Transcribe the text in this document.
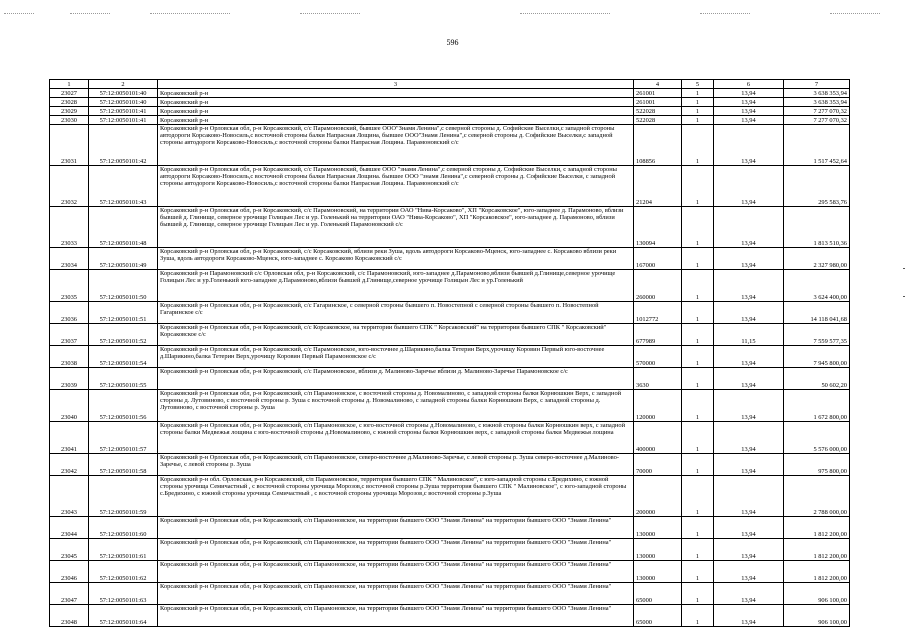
596
1	2	3	4	5	6	7
23027	57:12:0050101:40	Корсаковский р-н	261001	1	13,94	3 638 353,94
23028	57:12:0050101:40	Корсаковский р-н	261001	1	13,94	3 638 353,94
23029	57:12:0050101:41	Корсаковский р-н	522028	1	13,94	7 277 070,32
23030	57:12:0050101:41	Корсаковский р-н	522028	1	13,94	7 277 070,32
23031	57:12:0050101:42	Корсаковский р-н Орловская обл, р-н Корсаковский, с/с Парамоновский, бывшее ООО"Знамя Ленина",с северной стороны д. Софийские Выселки,с западной стороны автодороги Корсаково-Новосиль,с восточной стороны балки Напрасная Лощина, бывшее ООО"Знамя Ленина",с северной стороны д. Софийские Выселки,с западной стороны автодороги Корсаково-Новосиль,с восточной стороны балки Напрасная Лощина. Парамоновский с/с	108856	1	13,94	1 517 452,64
23032	57:12:0050101:43	Корсаковский р-н Орловская обл, р-н Корсаковский, с/с Парамоновский, бывшее ООО "знамя Ленина",с северной стороны д. Софийские Выселки, с западной стороны автодороги Корсаково-Новосиль,с восточной стороны балки Напрасная Лощина. бывшее ООО "знамя Ленина",с северной стороны д. Софийские Выселки, с западной стороны автодороги Корсаково-Новосиль,с восточной стороны балки Напрасная Лощина. Парамоновский с/с	21204	1	13,94	295 583,76
23033	57:12:0050101:48	Корсаковский р-н Орловская обл, р-н Корсаковский, с/с Парамоновский, на территории ОАО "Нива-Корсаково", ХП "Корсаковское", юго-западнее д. Парамоново, вблизи бывшей д. Глинище, северное урочище Голицын Лес и ур. Голенький на территории ОАО "Нива-Корсаково", ХП "Корсаковское", юго-западнее д. Парамоново, вблизи бывшей д. Глинище, северное урочище Голицын Лес и ур. Голенький Парамоновский с/с	130094	1	13,94	1 813 510,36
23034	57:12:0050101:49	Корсаковский р-н Орловская обл, р-н Корсаковский, с/с Корсаковский, вблизи реки Зуша, вдоль автодороги Корсаково-Мценск, юго-западнее с. Корсаково вблизи реки Зуша, вдоль автодороги Корсаково-Мценск, юго-западнее с. Корсаково Корсаковский с/с	167000	1	13,94	2 327 980,00
23035	57:12:0050101:50	Корсаковский р-н Парамоновский с/с Орловская обл, р-н Корсаковский, с/с Парамоновский, юго-западнее д.Парамоново,вблизи бывшей д.Глинище,северное урочище Голицын Лес и ур.Голенький юго-западнее д.Парамоново,вблизи бывшей д.Глинище,северное урочище Голицын Лес и ур.Голенький	260000	1	13,94	3 624 400,00
23036	57:12:0050101:51	Корсаковский р-н Орловская обл, р-н Корсаковский, с/с Гагаринское, с северной стороны бывшего п. Новостепной с северной стороны бывшего п. Новостепной Гагаринское с/с	1012772	1	13,94	14 118 041,68
23037	57:12:0050101:52	Корсаковский р-н Орловская обл, р-н Корсаковский, с/с Корсаковское, на территории бывшего СПК " Корсаковский" на территории бывшего СПК " Корсаковский" Корсаковское с/с	677989	1	11,15	7 559 577,35
23038	57:12:0050101:54	Корсаковский р-н Орловская обл, р-н Корсаковский, с/с Парамоновское, юго-восточнее д.Шарикино,балка Тетерин Верх,урочищу Коровин Первый юго-восточнее д.Шарикино,балка Тетерин Верх,урочищу Коровин Первый Парамоновское с/с	570000	1	13,94	7 945 800,00
23039	57:12:0050101:55	Корсаковский р-н Орловская обл, р-н Корсаковский, с/с Парамоновское, вблизи д. Малиново-Заречье вблизи д. Малиново-Заречье Парамоновское с/с	3630	1	13,94	50 602,20
23040	57:12:0050101:56	Корсаковский р-н Орловская обл, р-н Корсаковский, с/п Парамоновское, с восточной стороны д. Новомалиново, с западной стороны балки Корнюшкин Верх, с западной стороны д. Лутовиново, с восточной стороны р. Зуша с восточной стороны д. Новомалиново, с западной стороны балки Корнюшкин Верх, с западной стороны д. Лутовиново, с восточной стороны р. Зуша	120000	1	13,94	1 672 800,00
23041	57:12:0050101:57	Корсаковский р-н Орловская обл, р-н Корсаковский, с/п Парамоновское, с юго-восточной стороны д.Новомалиново, с южной стороны балки Корнюшкин верх, с западной стороны балки Медвежья лощина с юго-восточной стороны д.Новомалиново, с южной стороны балки Корнюшкин верх, с западной стороны балки Медвежья лощина	400000	1	13,94	5 576 000,00
23042	57:12:0050101:58	Корсаковский р-н Орловская обл, р-н Корсаковский, с/п Парамоновское, северо-восточнее д.Малиново-Заречье, с левой стороны р. Зуша северо-восточнее д.Малиново-Заречье, с левой стороны р. Зуша	70000	1	13,94	975 800,00
23043	57:12:0050101:59	Корсаковский р-н обл. Орловская, р-н Корсаковский, с/п Парамоновское, территория бывшего СПК " Малиновское", с юго-западной стороны с.Бредихино, с южной стороны урочища Семичастный , с восточной стороны урочища Морозов,с восточной стороны р.Зуша территория бывшего СПК " Малиновское", с юго-западной стороны с.Бредихино, с южной стороны урочища Семичастный , с восточной стороны урочища Морозов,с восточной стороны р.Зуша	200000	1	13,94	2 788 000,00
23044	57:12:0050101:60	Корсаковский р-н Орловская обл, р-н Корсаковский, с/п Парамоновское, на территории бывшего ООО "Знамя Ленина" на территории бывшего ООО "Знамя Ленина"	130000	1	13,94	1 812 200,00
23045	57:12:0050101:61	Корсаковский р-н Орловская обл, р-н Корсаковский, с/п Парамоновское, на территории бывшего ООО "Знамя Ленина" на территории бывшего ООО "Знамя Ленина"	130000	1	13,94	1 812 200,00
23046	57:12:0050101:62	Корсаковский р-н Орловская обл, р-н Корсаковский, с/п Парамоновское, на территории бывшего ООО "Знамя Ленина" на территории бывшего ООО "Знамя Ленина"	130000	1	13,94	1 812 200,00
23047	57:12:0050101:63	Корсаковский р-н Орловская обл, р-н Корсаковский, с/п Парамоновское, на территории бывшего ООО "Знамя Ленина" на территории бывшего ООО "Знамя Ленина"	65000	1	13,94	906 100,00
23048	57:12:0050101:64	Корсаковский р-н Орловская обл, р-н Корсаковский, с/п Парамоновское, на территории бывшего ООО "Знамя Ленина" на территории бывшего ООО "Знамя Ленина"	65000	1	13,94	906 100,00
